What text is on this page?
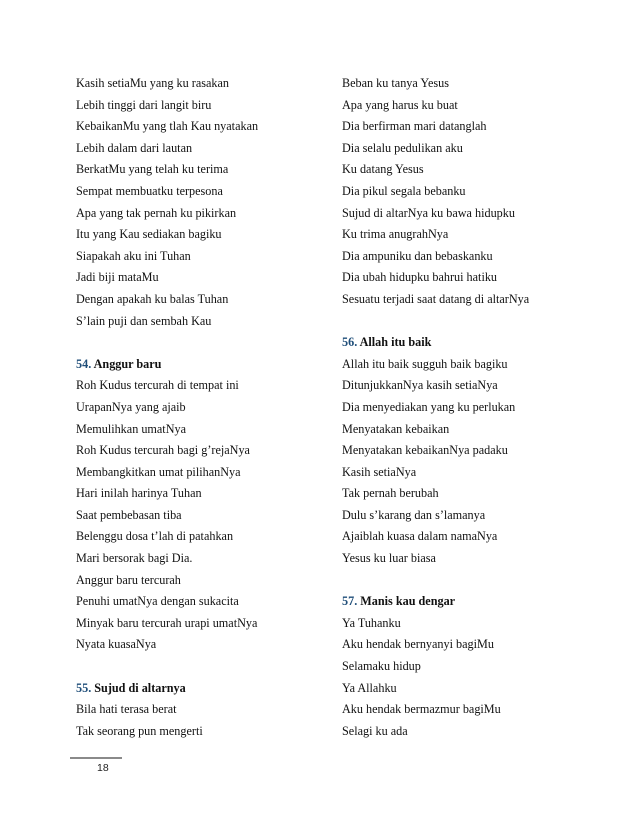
Kasih setiaMu yang ku rasakan
Lebih tinggi dari langit biru
KebaikanMu yang tlah Kau nyatakan
Lebih dalam dari lautan
BerkatMu yang telah ku terima
Sempat membuatku terpesona
Apa yang tak pernah ku pikirkan
Itu yang Kau sediakan bagiku
Siapakah aku ini Tuhan
Jadi biji mataMu
Dengan apakah ku balas Tuhan
S’lain puji dan sembah Kau
54. Anggur baru
Roh Kudus tercurah di tempat ini
UrapanNya yang ajaib
Memulihkan umatNya
Roh Kudus tercurah bagi g’rejaNya
Membangkitkan umat pilihanNya
Hari inilah harinya Tuhan
Saat pembebasan tiba
Belenggu dosa t’lah di patahkan
Mari bersorak bagi Dia.
Anggur baru tercurah
Penuhi umatNya dengan sukacita
Minyak baru tercurah urapi umatNya
Nyata kuasaNya
55. Sujud di altarnya
Bila hati terasa berat
Tak seorang pun mengerti
Beban ku tanya Yesus
Apa yang harus ku buat
Dia berfirman mari datanglah
Dia selalu pedulikan aku
Ku datang Yesus
Dia pikul segala bebanku
Sujud di altarNya ku bawa hidupku
Ku trima anugrahNya
Dia ampuniku dan bebaskanku
Dia ubah hidupku bahrui hatiku
Sesuatu terjadi saat datang di altarNya
56. Allah itu baik
Allah itu baik sugguh baik bagiku
DitunjukkanNya kasih setiaNya
Dia menyediakan yang ku perlukan
Menyatakan kebaikan
Menyatakan kebaikanNya padaku
Kasih setiaNya
Tak pernah berubah
Dulu s’karang dan s’lamanya
Ajaiblah kuasa dalam namaNya
Yesus ku luar biasa
57. Manis kau dengar
Ya Tuhanku
Aku hendak bernyanyi bagiMu
Selamaku hidup
Ya Allahku
Aku hendak bermazmur bagiMu
Selagi ku ada
18
